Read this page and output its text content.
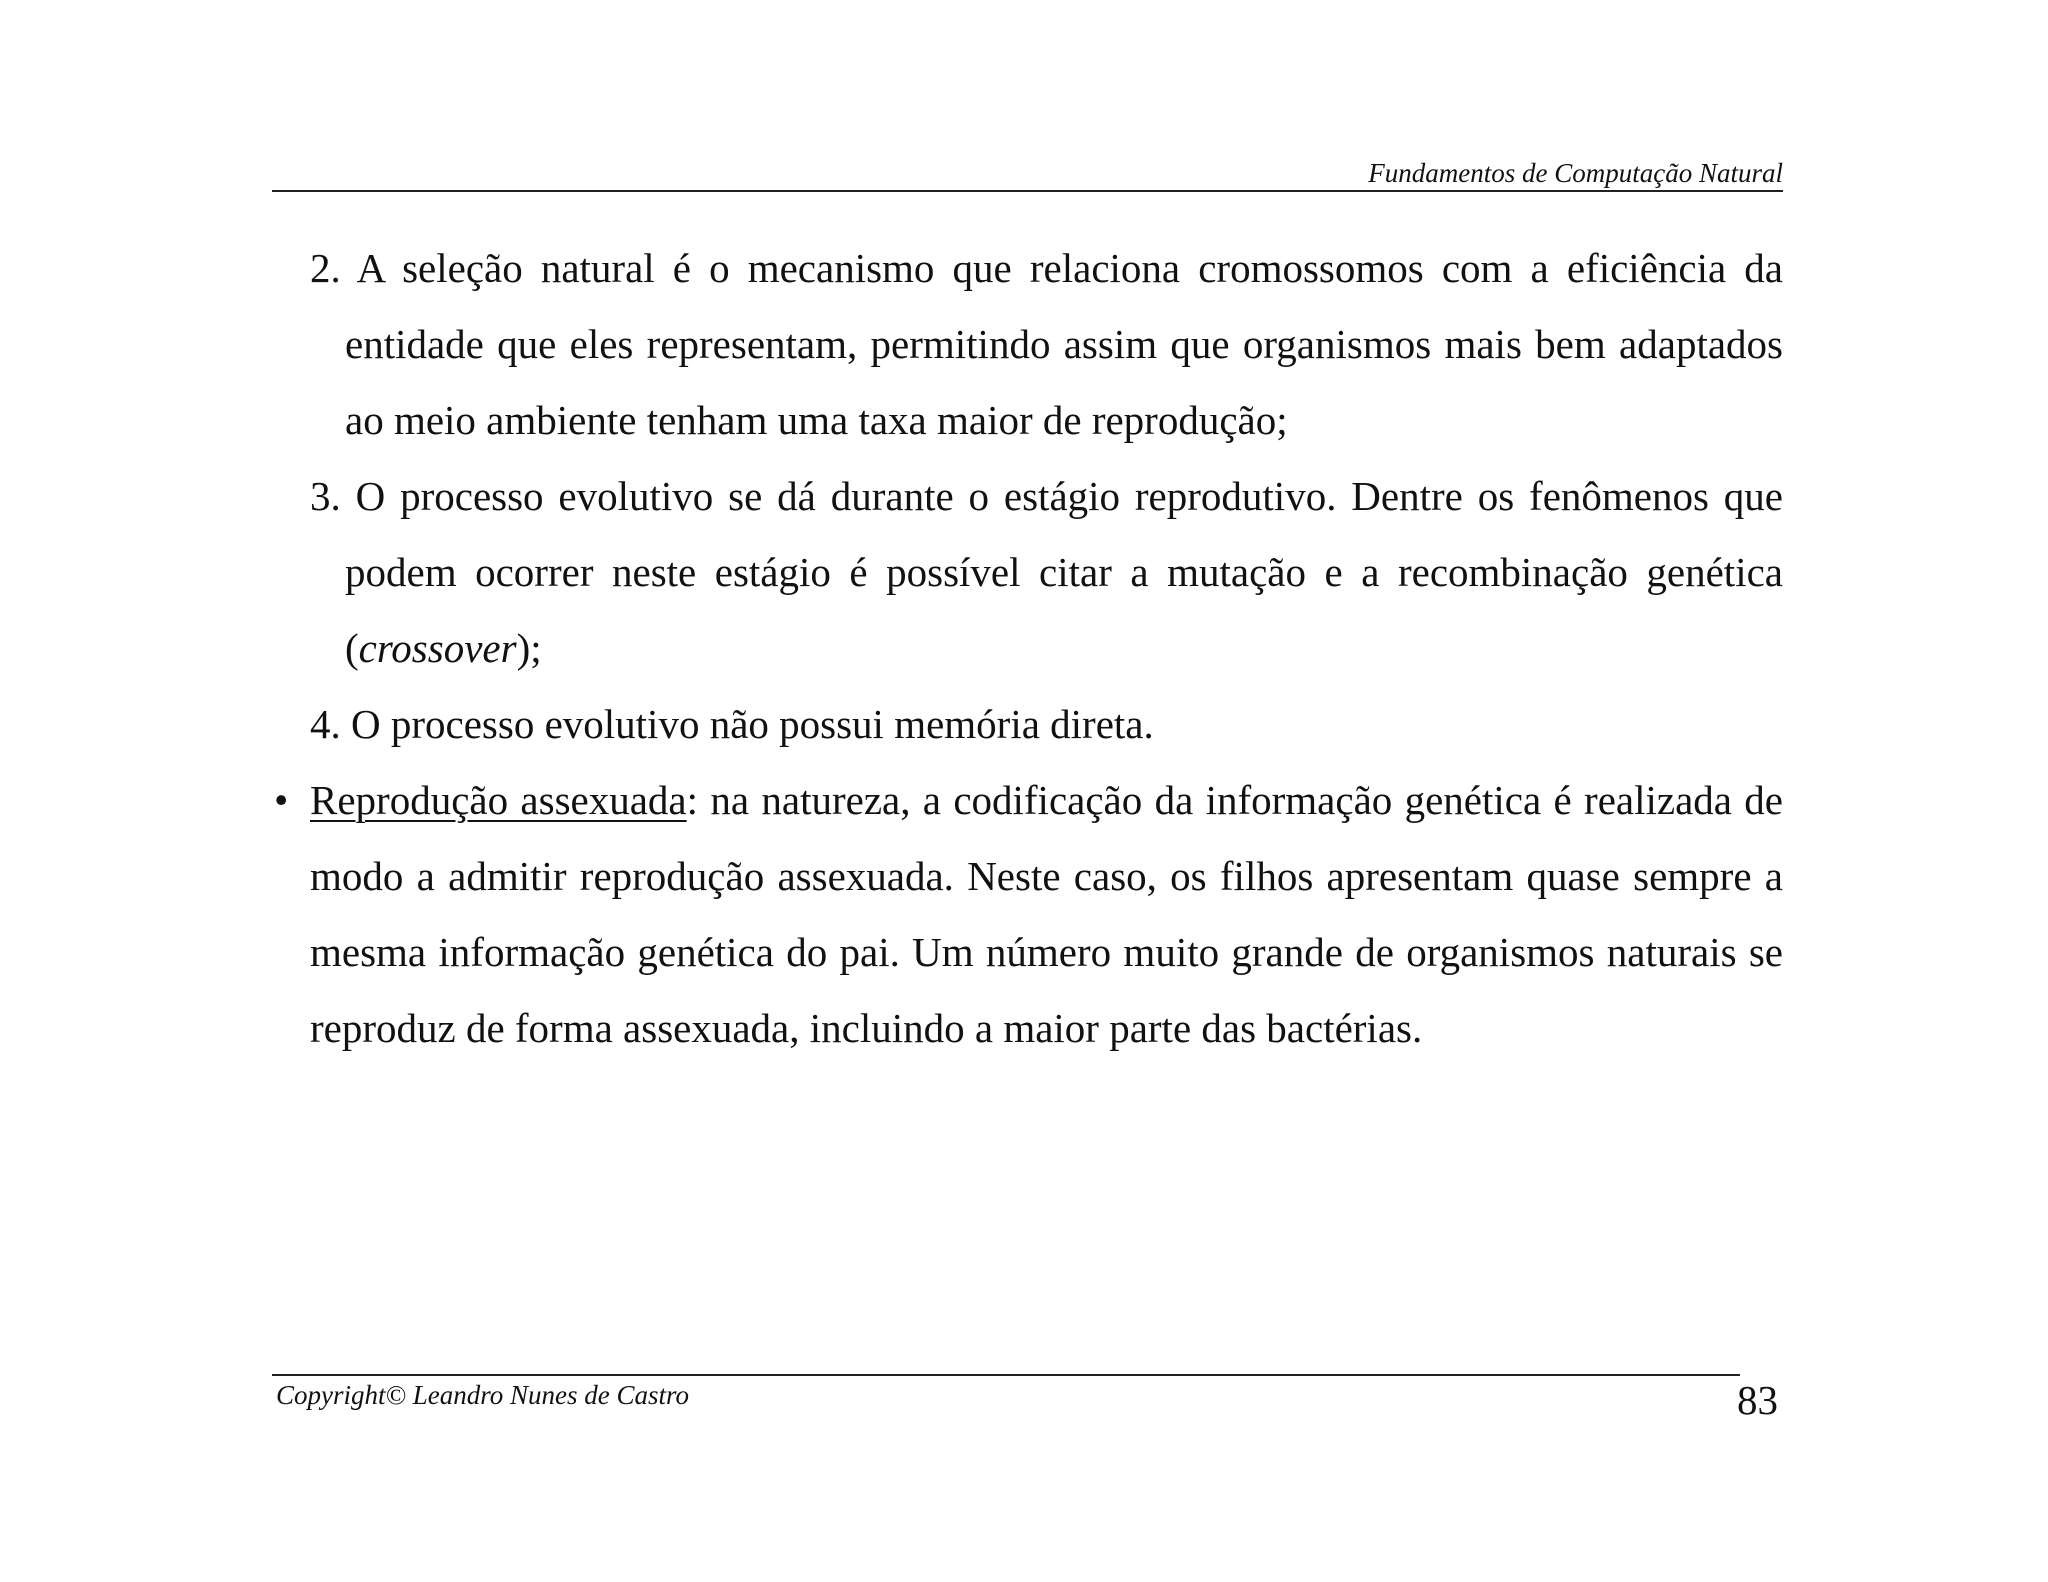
Fundamentos de Computação Natural

2. A seleção natural é o mecanismo que relaciona cromossomos com a eficiência da entidade que eles representam, permitindo assim que organismos mais bem adaptados ao meio ambiente tenham uma taxa maior de reprodução;

3. O processo evolutivo se dá durante o estágio reprodutivo. Dentre os fenômenos que podem ocorrer neste estágio é possível citar a mutação e a recombinação genética (crossover);

4. O processo evolutivo não possui memória direta.

• Reprodução assexuada: na natureza, a codificação da informação genética é realizada de modo a admitir reprodução assexuada. Neste caso, os filhos apresentam quase sempre a mesma informação genética do pai. Um número muito grande de organismos naturais se reproduz de forma assexuada, incluindo a maior parte das bactérias.

Copyright© Leandro Nunes de Castro	83
